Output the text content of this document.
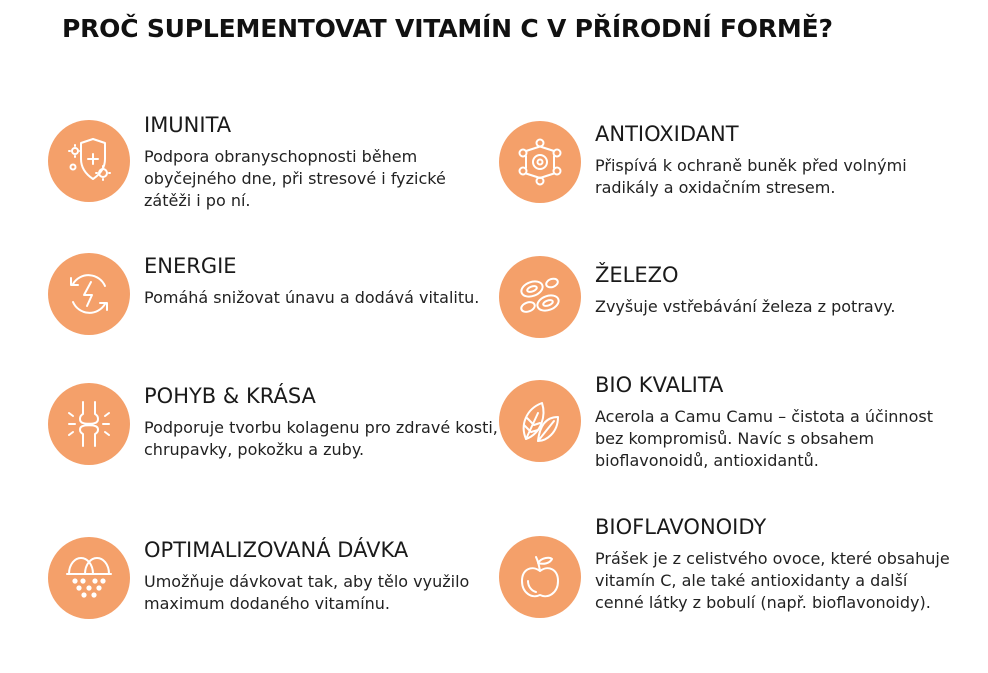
PROČ SUPLEMENTOVAT VITAMÍN C V PŘÍRODNÍ FORMĚ?
IMUNITA
Podpora obranyschopnosti během obyčejného dne, při stresové i fyzické zátěži i po ní.
ENERGIE
Pomáhá snižovat únavu a dodává vitalitu.
POHYB & KRÁSA
Podporuje tvorbu kolagenu pro zdravé kosti, chrupavky, pokožku a zuby.
OPTIMALIZOVANÁ DÁVKA
Umožňuje dávkovat tak, aby tělo využilo maximum dodaného vitamínu.
ANTIOXIDANT
Přispívá k ochraně buněk před volnými radikály a oxidačním stresem.
ŽELEZO
Zvyšuje vstřebávání železa z potravy.
BIO KVALITA
Acerola a Camu Camu – čistota a účinnost bez kompromisů. Navíc s obsahem bioflavonoidů, antioxidantů.
BIOFLAVONOIDY
Prášek je z celistvého ovoce, které obsahuje vitamín C, ale také antioxidanty a další cenné látky z bobulí (např. bioflavonoidy).
